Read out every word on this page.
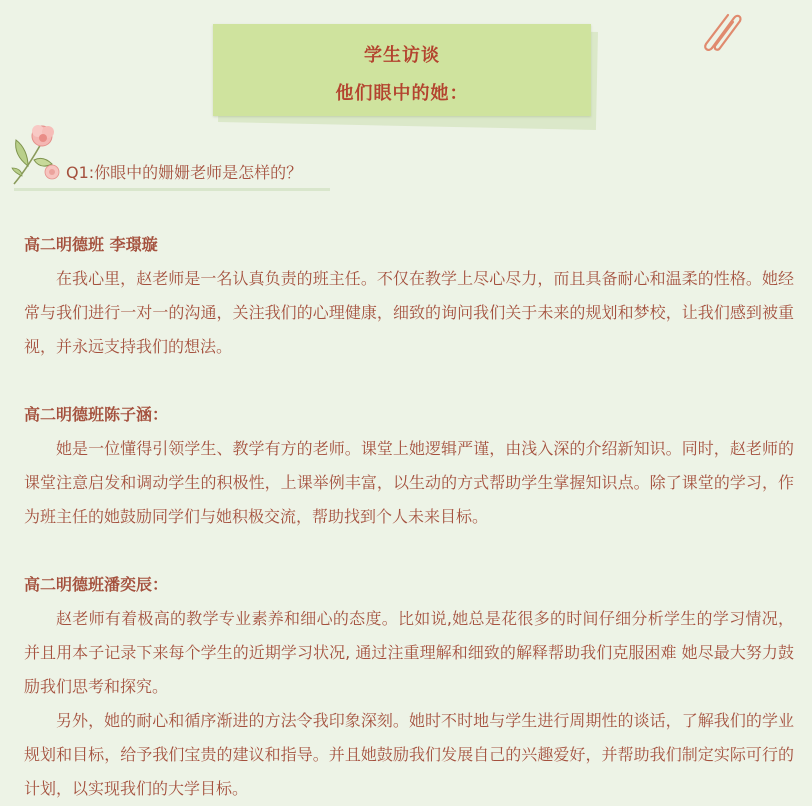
学生访谈
他们眼中的她：
Q1:你眼中的姗姗老师是怎样的？
高二明德班 李璟璇

在我心里，赵老师是一名认真负责的班主任。不仅在教学上尽心尽力，而且具备耐心和温柔的性格。她经常与我们进行一对一的沟通，关注我们的心理健康，细致的询问我们关于未来的规划和梦校，让我们感到被重视，并永远支持我们的想法。

高二明德班陈子涵：

她是一位懂得引领学生、教学有方的老师。课堂上她逻辑严谨，由浅入深的介绍新知识。同时，赵老师的课堂注意启发和调动学生的积极性，上课举例丰富，以生动的方式帮助学生掌握知识点。除了课堂的学习，作为班主任的她鼓励同学们与她积极交流，帮助找到个人未来目标。

高二明德班潘奕辰：

赵老师有着极高的教学专业素养和细心的态度。比如说,她总是花很多的时间仔细分析学生的学习情况，并且用本子记录下来每个学生的近期学习状况, 通过注重理解和细致的解释帮助我们克服困难 她尽最大努力鼓励我们思考和探究。

另外，她的耐心和循序渐进的方法令我印象深刻。她时不时地与学生进行周期性的谈话，了解我们的学业规划和目标，给予我们宝贵的建议和指导。并且她鼓励我们发展自己的兴趣爱好，并帮助我们制定实际可行的计划，以实现我们的大学目标。
